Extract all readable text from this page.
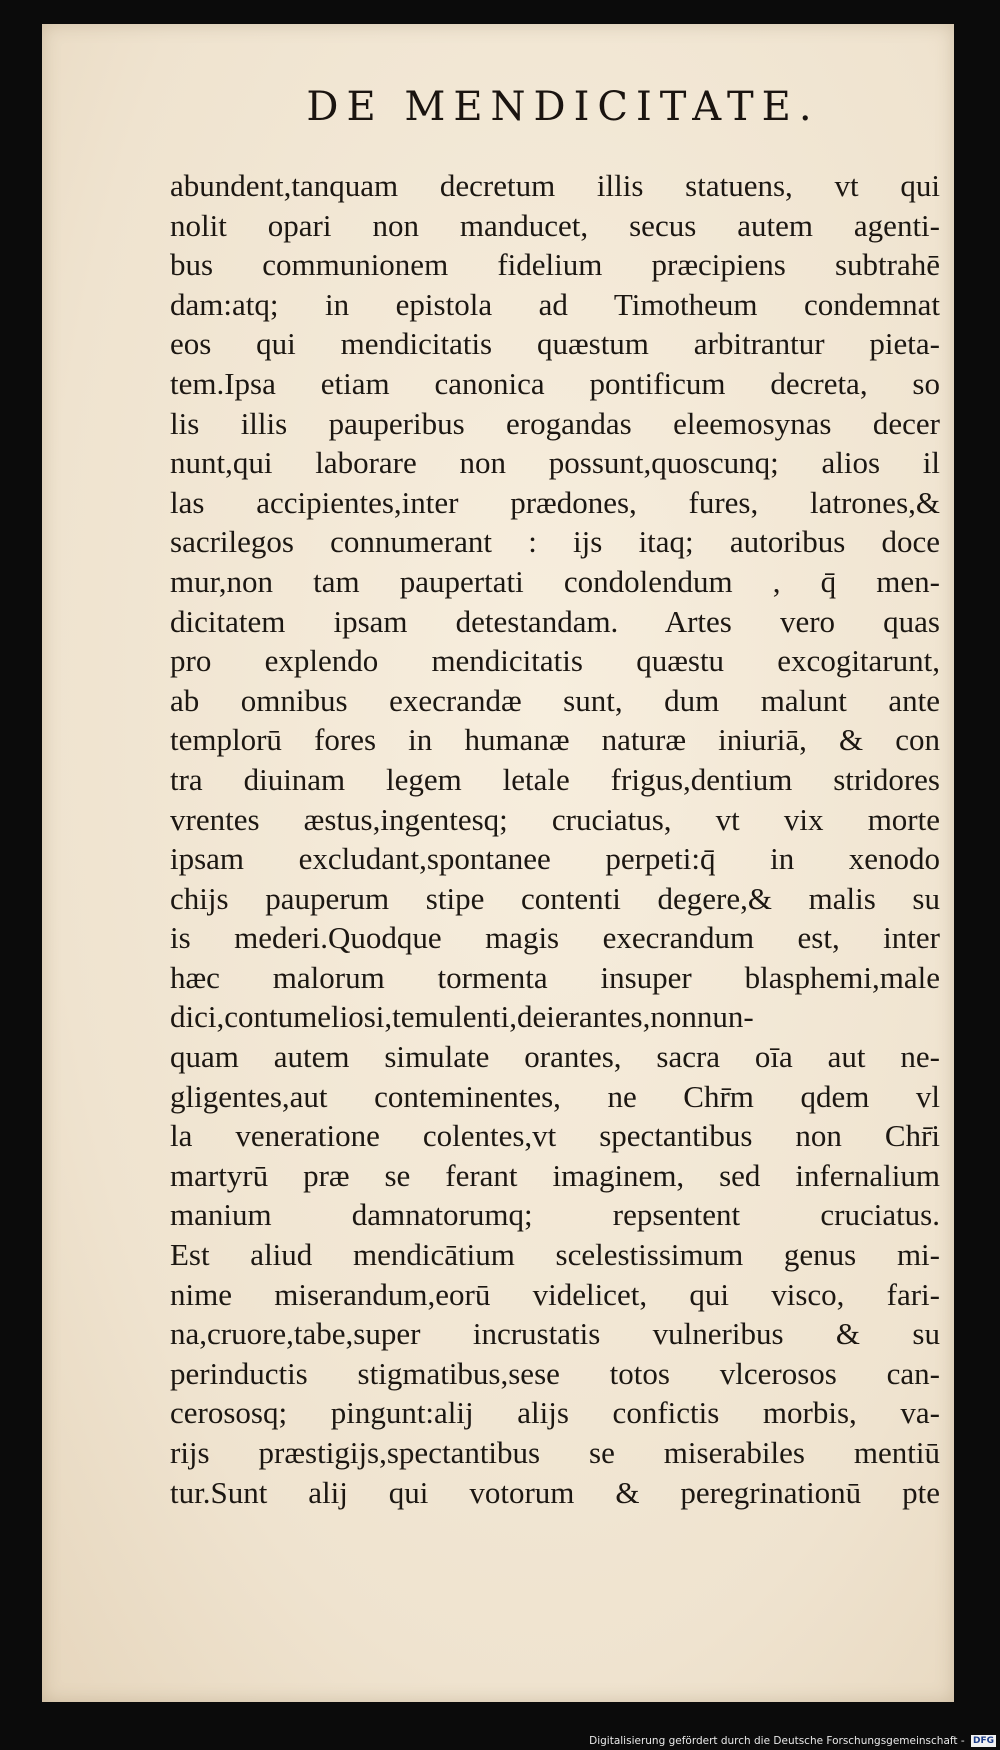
DE MENDICITATE.
abundent,tanquam decretum illis statuens, vt qui
nolit opari non manducet, secus autem agenti-
bus communionem fidelium præcipiens subtrahē
dam:atq; in epistola ad Timotheum condemnat
eos qui mendicitatis quæstum arbitrantur pieta-
tem.Ipsa etiam canonica pontificum decreta, so
lis illis pauperibus erogandas eleemosynas decer
nunt,qui laborare non possunt,quoscunq; alios il
las accipientes,inter prædones, fures, latrones,&
sacrilegos connumerant : ijs itaq; autoribus doce
mur,non tam paupertati condolendum , q̄ men-
dicitatem ipsam detestandam. Artes vero quas
pro explendo mendicitatis quæstu excogitarunt,
ab omnibus execrandæ sunt, dum malunt ante
templorū fores in humanæ naturæ iniuriā, & con
tra diuinam legem letale frigus,dentium stridores
vrentes æstus,ingentesq; cruciatus, vt vix morte
ipsam excludant,spontanee perpeti:q̄ in xenodo
chijs pauperum stipe contenti degere,& malis su
is mederi.Quodque magis execrandum est, inter
hæc malorum tormenta insuper blasphemi,male
dici,contumeliosi,temulenti,deierantes,nonnun-
quam autem simulate orantes, sacra oīa aut ne-
gligentes,aut conteminentes, ne Chr̄m qdem vl
la veneratione colentes,vt spectantibus non Chr̄i
martyrū præ se ferant imaginem, sed infernalium
manium damnatorumq; repsentent cruciatus.
Est aliud mendicātium scelestissimum genus mi-
nime miserandum,eorū videlicet, qui visco, fari-
na,cruore,tabe,super incrustatis vulneribus & su
perinductis stigmatibus,sese totos vlcerosos can-
cerososq; pingunt:alij alijs confictis morbis, va-
rijs præstigijs,spectantibus se miserabiles mentiū
tur.Sunt alij qui votorum & peregrinationū pte
Digitalisierung gefördert durch die Deutsche Forschungsgemeinschaft - DFG
